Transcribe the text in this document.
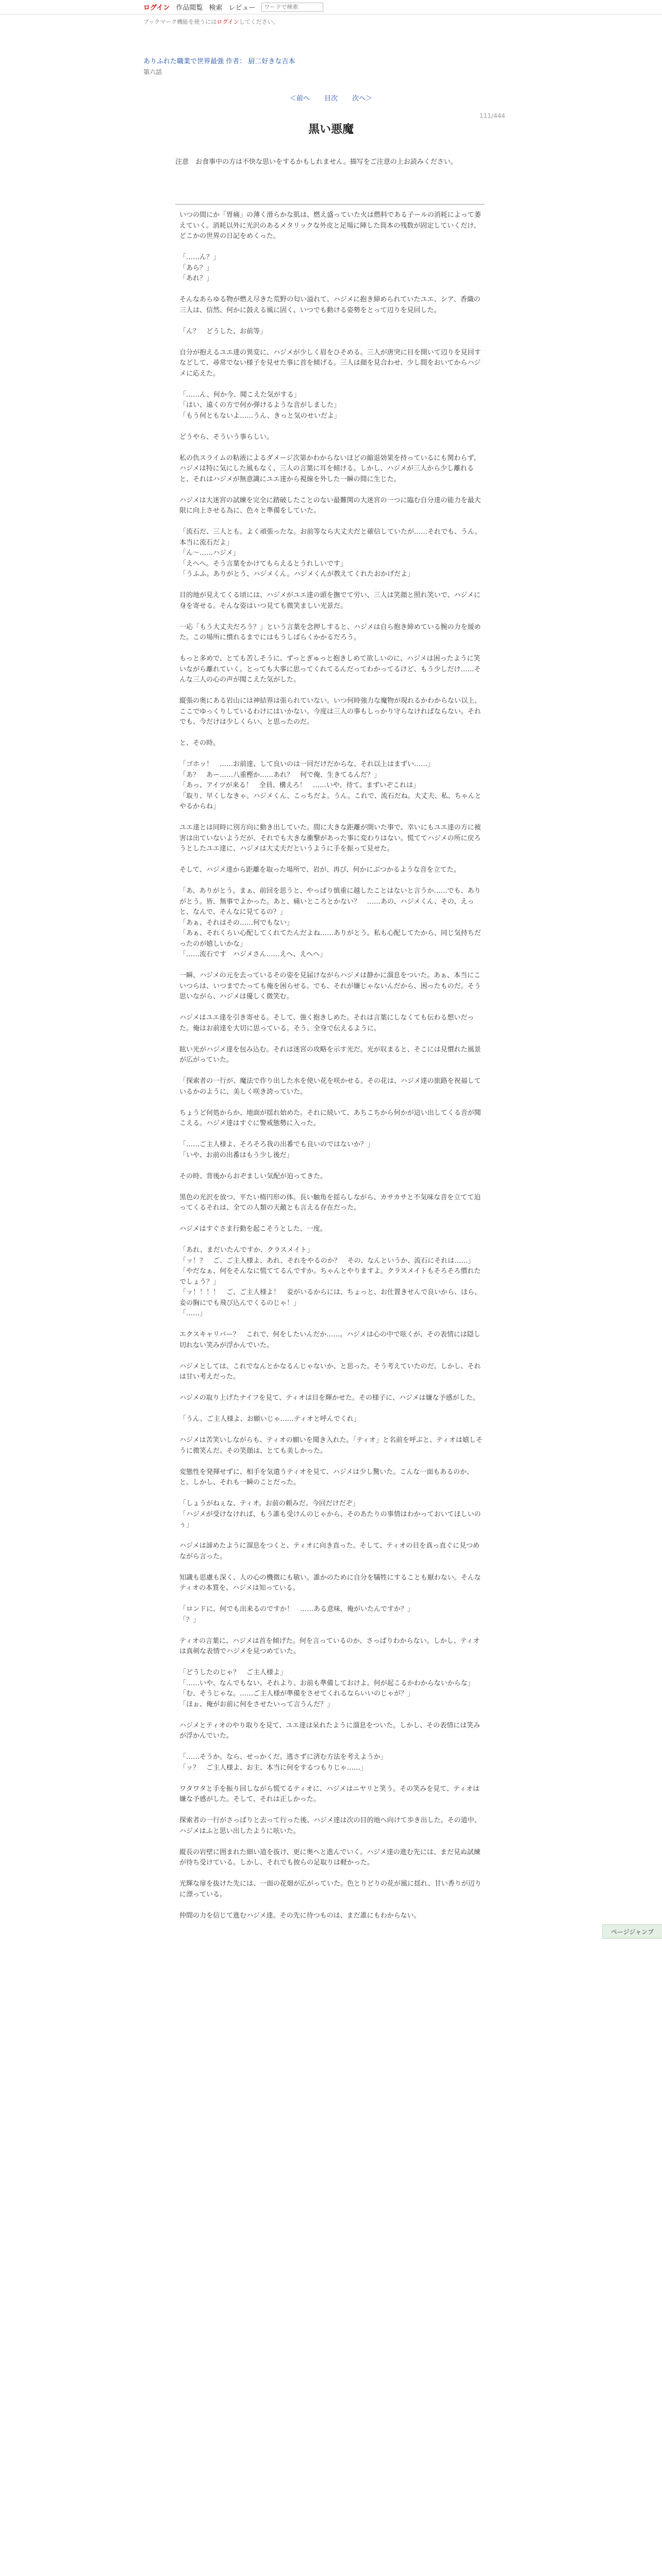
ログイン 作品閲覧 検索 レビュー
ワードで検索
ブックマーク機能を使うにはログインしてください。
ありふれた職業で世界最強 作者： 厨二好きな吉本
第六話
＜前へ 目次 次へ＞
111/444
黒い悪魔
注意　お食事中の方は不快な思いをするかもしれません。描写をご注意の上お読みください。

いつの間にか「胃痛」の薄く滑らかな肌は、燃え盛っていた火は燃料である子ールの消耗によって萎えていく。消耗以外に光沢のあるメタリックな外皮と足場に陣した筒本の残数が固定していくだけ、どこかの世界の日記をめくった。

「……ん？」
「あら？」
「あれ？」

そんなあらゆる物が燃え尽きた荒野の匂い溢れて、ハジメに抱き締められていたユエ、シア、香織の三人は、信然、何かに鼓える風に固く、いつでも動ける姿勢をとって辺りを見回した。

「ん？　どうした、お前等」

自分が抱えるユエ達の異変に、ハジメが少しく眉をひそめる。三人が唐突に目を開いて辺りを見回すなどして、尋常でない様子を見せた事に首を傾げる。三人は顔を見合わせ、少し間をおいてからハジメに応えた。

「……ん、何か今、聞こえた気がする」
「はい、遠くの方で何か弾けるような音がしました」
「もう何ともないよ……うん、きっと気のせいだよ」

どうやら、そういう事らしい。

私の仇スライムの粘液によるダメージ次第かわからないほどの縮退効果を持っているにも関わらず、ハジメは特に気にした風もなく、三人の言葉に耳を傾ける。しかし、ハジメが三人から少し離れると、それはハジメが無意識にユエ達から視線を外した一瞬の間に生じた。

ハジメは大迷宮の試練を完全に踏破したことのない最難関の大迷宮の一つに臨む自分達の能力を最大限に向上させる為に、色々と準備をしていた。

「流石だ、三人とも。よく頑張ったな。お前等なら大丈夫だと確信していたが……それでも、うん。本当に流石だよ」
「ん～……ハジメ」
「えへへ。そう言葉をかけてもらえるとうれしいです」
「うふふ。ありがとう、ハジメくん。ハジメくんが教えてくれたおかげだよ」

目的地が見えてくる頃には、ハジメがユエ達の頭を撫でて労い、三人は笑顔と照れ笑いで、ハジメに身を寄せる。そんな姿はいつ見ても微笑ましい光景だ。

一応「もう大丈夫だろう？」という言葉を念押しすると、ハジメは自ら抱き締めている腕の力を緩めた。この場所に慣れるまでにはもうしばらくかかるだろう。

もっと多めで、とても苦しそうに、ずっとぎゅっと抱きしめて欲しいのに、ハジメは困ったように笑いながら離れていく。とっても大事に思ってくれてるんだってわかってるけど、もう少しだけ……そんな三人の心の声が聞こえた気がした。

縦張の奥にある岩山には神結界は張られていない。いつ何時強力な魔物が現れるかわからない以上、ここでゆっくりしているわけにはいかない。今度は三人の事もしっかり守らなければならない。それでも、今だけは少しくらい、と思ったのだ。

と、その時。

「ゴホッ！　……お前達、して良いのは一回だけだからな、それ以上はまずい……」
「あ？　あー……八重樫か……あれ？　何で俺、生きてるんだ？」
「あっ、アイツが来る！　全員、構えろ！　……いや、待て。まずいぞこれは」
「取り、早くしなきゃ。ハジメくん、こっちだよ。うん。これで、流石だね。大丈夫、私、ちゃんとやるからね」

ユエ達とは同時に別方向に動き出していた。間に大きな距離が開いた事で、幸いにもユエ達の方に被害は出ていないようだが、それでも大きな衝撃があった事に変わりはない。慌ててハジメの所に戻ろうとしたユエ達に、ハジメは大丈夫だというように手を振って見せた。

そして、ハジメ達から距離を取った場所で、岩が、再び、何かにぶつかるような音を立てた。

「あ、ありがとう。まぁ、前回を思うと、やっぱり慎重に越したことはないと言うか……でも、ありがとう。皆、無事でよかった。あと、痛いところとかない？　……あの、ハジメくん、その、えっと、なんで、そんなに見てるの？」
「あぁ、それはその……何でもない」
「あぁ、それくらい心配してくれてたんだよね……ありがとう。私も心配してたから、同じ気持ちだったのが嬉しいかな」
「……流石です　ハジメさん……えへ、えへへ」

一瞬、ハジメの元を去っているその姿を見届けながらハジメは静かに溜息をついた。あぁ、本当にこいつらは、いつまでたっても俺を困らせる。でも、それが嫌じゃないんだから、困ったものだ。そう思いながら、ハジメは優しく微笑む。

ハジメはユエ達を引き寄せる。そして、強く抱きしめた。それは言葉にしなくても伝わる想いだった。俺はお前達を大切に思っている。そう、全身で伝えるように。

眩い光がハジメ達を包み込む。それは迷宮の攻略を示す光だ。光が収まると、そこには見慣れた風景が広がっていた。

「探索者の一行が、魔法で作り出した水を使い花を咲かせる。その花は、ハジメ達の旅路を祝福しているかのように、美しく咲き誇っていた。

ちょうど何処からか、地面が揺れ始めた。それに続いて、あちこちから何かが這い出してくる音が聞こえる。ハジメ達はすぐに警戒態勢に入った。

「……ご主人様よ、そろそろ我の出番でも良いのではないか？」
「いや、お前の出番はもう少し後だ」

その時、背後からおぞましい気配が迫ってきた。

黒色の光沢を放つ、平たい楕円形の体。長い触角を揺らしながら、カサカサと不気味な音を立てて迫ってくるそれは、全ての人類の天敵とも言える存在だった。

ハジメはすぐさま行動を起こそうとした、一度。

「あれ、まだいたんですか、クラスメイト」
「ッ！？　ご、ご主人様よ、あれ、それをやるのか？　その、なんというか、流石にそれは……」
「やだなぁ、何をそんなに慌ててるんですか。ちゃんとやりますよ。クラスメイトもそろそろ慣れたでしょう？」
「ッ！！！！　ご、ご主人様よ！　妾がいるからには、ちょっと、お仕置きせんで良いから、ほら、妾の胸にでも飛び込んでくるのじゃ！」
「……」

エクスキャリバー？　これで、何をしたいんだか……。ハジメは心の中で呟くが、その表情には隠し切れない笑みが浮かんでいた。

ハジメとしては、これでなんとかなるんじゃないか、と思った。そう考えていたのだ。しかし、それは甘い考えだった。

ハジメの取り上げたナイフを見て、ティオは目を輝かせた。その様子に、ハジメは嫌な予感がした。

「うん、ご主人様よ、お願いじゃ……ティオと呼んでくれ」

ハジメは苦笑いしながらも、ティオの願いを聞き入れた。「ティオ」と名前を呼ぶと、ティオは嬉しそうに微笑んだ。その笑顔は、とても美しかった。

変態性を発揮せずに、相手を気遣うティオを見て、ハジメは少し驚いた。こんな一面もあるのか、と。しかし、それも一瞬のことだった。

「しょうがねぇな、ティオ。お前の頼みだ。今回だけだぞ」
「ハジメが受けなければ、もう誰も受けんのじゃから、そのあたりの事情はわかっておいてほしいのぅ」

ハジメは諦めたように溜息をつくと、ティオに向き直った。そして、ティオの目を真っ直ぐに見つめながら言った。

知識も思慮も深く、人の心の機微にも敏い。誰かのために自分を犠牲にすることも厭わない。そんなティオの本質を、ハジメは知っている。

「ロンドに、何でも出来るのですか！　……ある意味、俺がいたんですか？」
「？」

ティオの言葉に、ハジメは首を傾げた。何を言っているのか、さっぱりわからない。しかし、ティオは真剣な表情でハジメを見つめていた。

「どうしたのじゃ？　ご主人様よ」
「……いや、なんでもない。それより、お前も準備しておけよ。何が起こるかわからないからな」
「む、そうじゃな。……ご主人様が準備をさせてくれるならいいのじゃが？」
「ほぉ、俺がお前に何をさせたいって言うんだ？」

ハジメとティオのやり取りを見て、ユエ達は呆れたように溜息をついた。しかし、その表情には笑みが浮かんでいた。

「……そうか。なら、せっかくだ。逃さずに済む方法を考えようか」
「ッ？　ご主人様よ、お主、本当に何をするつもりじゃ……」

ワタワタと手を振り回しながら慌てるティオに、ハジメはニヤリと笑う。その笑みを見て、ティオは嫌な予感がした。そして、それは正しかった。

探索者の一行がさっぱりと去って行った後、ハジメ達は次の目的地へ向けて歩き出した。その道中、ハジメはふと思い出したように呟いた。

縦長の岩壁に囲まれた細い道を抜け、更に奥へと進んでいく。ハジメ達の進む先には、まだ見ぬ試練が待ち受けている。しかし、それでも彼らの足取りは軽かった。

光輝な扉を抜けた先には、一面の花畑が広がっていた。色とりどりの花が風に揺れ、甘い香りが辺りに漂っている。

仲間の力を信じて進むハジメ達。その先に待つものは、まだ誰にもわからない。

ページジャンプ
